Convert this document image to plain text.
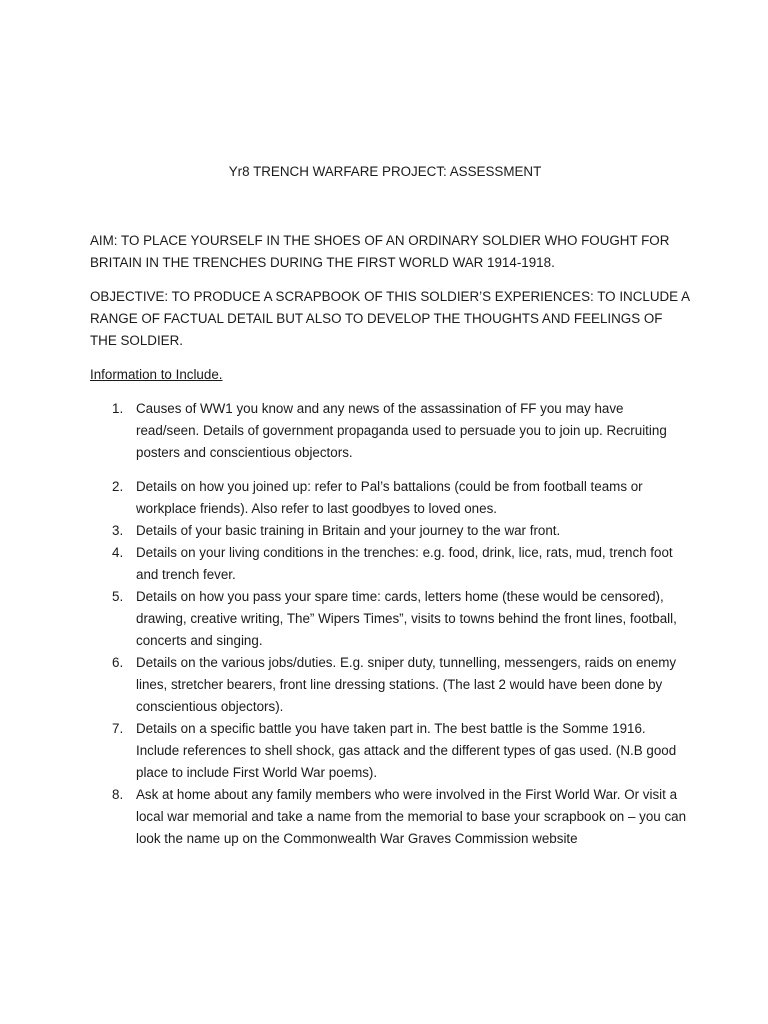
Yr8 TRENCH WARFARE PROJECT: ASSESSMENT

AIM: TO PLACE YOURSELF IN THE SHOES OF AN ORDINARY SOLDIER WHO FOUGHT FOR BRITAIN IN THE TRENCHES DURING THE FIRST WORLD WAR 1914-1918.

OBJECTIVE: TO PRODUCE A SCRAPBOOK OF THIS SOLDIER’S EXPERIENCES: TO INCLUDE A RANGE OF FACTUAL DETAIL BUT ALSO TO DEVELOP THE THOUGHTS AND FEELINGS OF THE SOLDIER.

Information to Include.

1. Causes of WW1 you know and any news of the assassination of FF you may have read/seen. Details of government propaganda used to persuade you to join up. Recruiting posters and conscientious objectors.
2. Details on how you joined up: refer to Pal’s battalions (could be from football teams or workplace friends). Also refer to last goodbyes to loved ones.
3. Details of your basic training in Britain and your journey to the war front.
4. Details on your living conditions in the trenches: e.g. food, drink, lice, rats, mud, trench foot and trench fever.
5. Details on how you pass your spare time: cards, letters home (these would be censored), drawing, creative writing, The” Wipers Times”, visits to towns behind the front lines, football, concerts and singing.
6. Details on the various jobs/duties. E.g. sniper duty, tunnelling, messengers, raids on enemy lines, stretcher bearers, front line dressing stations. (The last 2 would have been done by conscientious objectors).
7. Details on a specific battle you have taken part in. The best battle is the Somme 1916. Include references to shell shock, gas attack and the different types of gas used. (N.B good place to include First World War poems).
8. Ask at home about any family members who were involved in the First World War. Or visit a local war memorial and take a name from the memorial to base your scrapbook on – you can look the name up on the Commonwealth War Graves Commission website
